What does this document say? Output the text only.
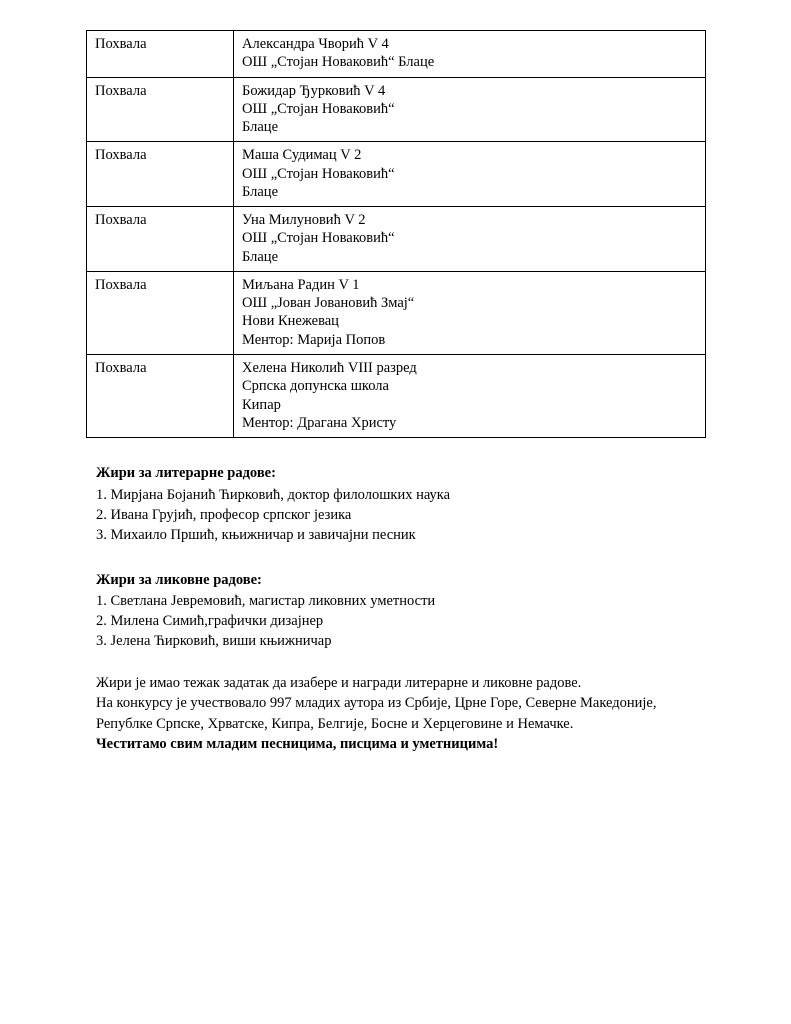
Похвала	Александра Чворић V 4
ОШ „Стојан Новаковић“ Блаце

Похвала	Божидар Ђурковић V 4
ОШ „Стојан Новаковић“
Блаце

Похвала	Маша Судимац V 2
ОШ „Стојан Новаковић“
Блаце

Похвала	Уна Милуновић V 2
ОШ „Стојан Новаковић“
Блаце

Похвала	Миљана Радин V 1
ОШ „Јован Јовановић Змај“
Нови Кнежевац
Ментор: Марија Попов

Похвала	Хелена Николић VIII разред
Српска допунска школа
Кипар
Ментор: Драгана Христу
Жири за литерарне радове:
1. Мирјана Бојанић Ћирковић, доктор филолошких наука
2. Ивана Грујић, професор српског језика
3. Михаило Пршић, књижничар и завичајни песник
Жири за ликовне радове:
1. Светлана Јевремовић, магистар ликовних уметности
2. Милена Симић,графички дизајнер
3. Јелена Ћирковић, виши књижничар
Жири је имао тежак задатак да изабере и награди литерарне и ликовне радове.
На конкурсу је учествовало 997 младих аутора из Србије, Црне Горе, Северне Македоније,
Републке Српске, Хрватске, Кипра, Белгије, Босне и Херцеговине и Немачке.
Честитамо свим младим песницима, писцима и уметницима!
